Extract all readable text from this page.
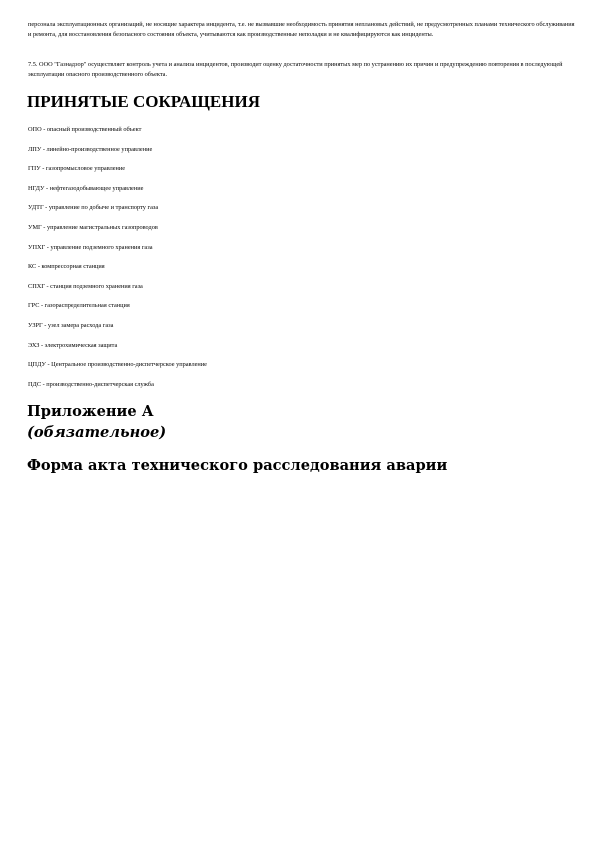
персонала эксплуатационных организаций, не носящие характера инцидента, т.е. не вызвавшие необходимость принятия неплановых действий, не предусмотренных планами технического обслуживания и ремонта, для восстановления безопасного состояния объекта, учитываются как производственные неполадки и не квалифицируются как инциденты.

7.5. ООО "Газнадзор" осуществляет контроль учета и анализа инцидентов, производит оценку достаточности принятых мер по устранению их причин и предупреждению повторения в последующей эксплуатации опасного производственного объекта.

ПРИНЯТЫЕ СОКРАЩЕНИЯ
ОПО - опасный производственный объект
ЛПУ - линейно-производственное управление
ГПУ - газопромысловое управление
НГДУ - нефтегазодобывающее управление
УДТГ - управление по добыче и транспорту газа
УМГ - управление магистральных газопроводов
УПХГ - управление подземного хранения газа
КС - компрессорная станция
СПХГ - станция подземного хранения газа
ГРС - газораспределительная станция
УЗРГ - узел замера расхода газа
ЭХЗ - электрохимическая защита
ЦПДУ - Центральное производственно-диспетчерское управление
ПДС - производственно-диспетчерская служба
Приложение А
(обязательное)
Форма акта технического расследования аварии
